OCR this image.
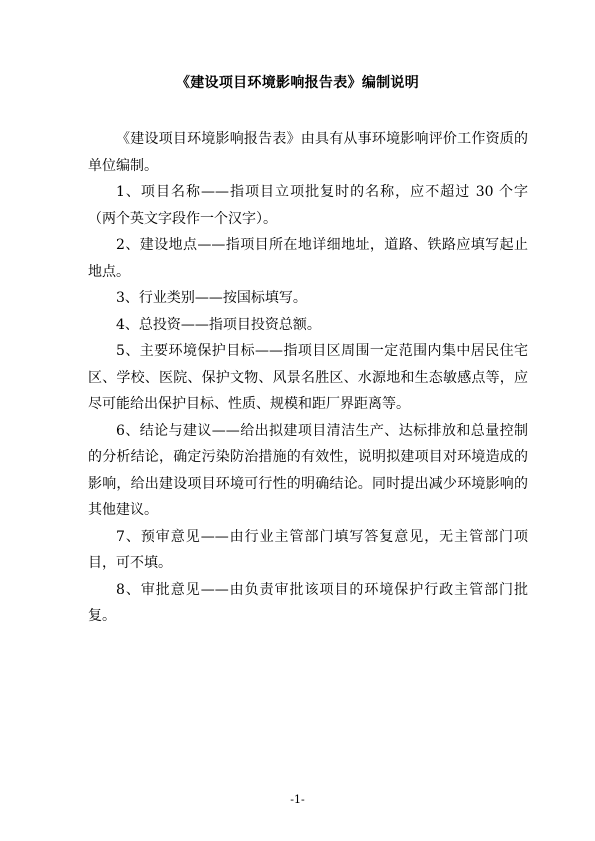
《建设项目环境影响报告表》编制说明

《建设项目环境影响报告表》由具有从事环境影响评价工作资质的单位编制。

1、项目名称——指项目立项批复时的名称，应不超过 30 个字（两个英文字段作一个汉字）。

2、建设地点——指项目所在地详细地址，道路、铁路应填写起止地点。

3、行业类别——按国标填写。

4、总投资——指项目投资总额。

5、主要环境保护目标——指项目区周围一定范围内集中居民住宅区、学校、医院、保护文物、风景名胜区、水源地和生态敏感点等，应尽可能给出保护目标、性质、规模和距厂界距离等。

6、结论与建议——给出拟建项目清洁生产、达标排放和总量控制的分析结论，确定污染防治措施的有效性，说明拟建项目对环境造成的影响，给出建设项目环境可行性的明确结论。同时提出减少环境影响的其他建议。

7、预审意见——由行业主管部门填写答复意见，无主管部门项目，可不填。

8、审批意见——由负责审批该项目的环境保护行政主管部门批复。

-1-
